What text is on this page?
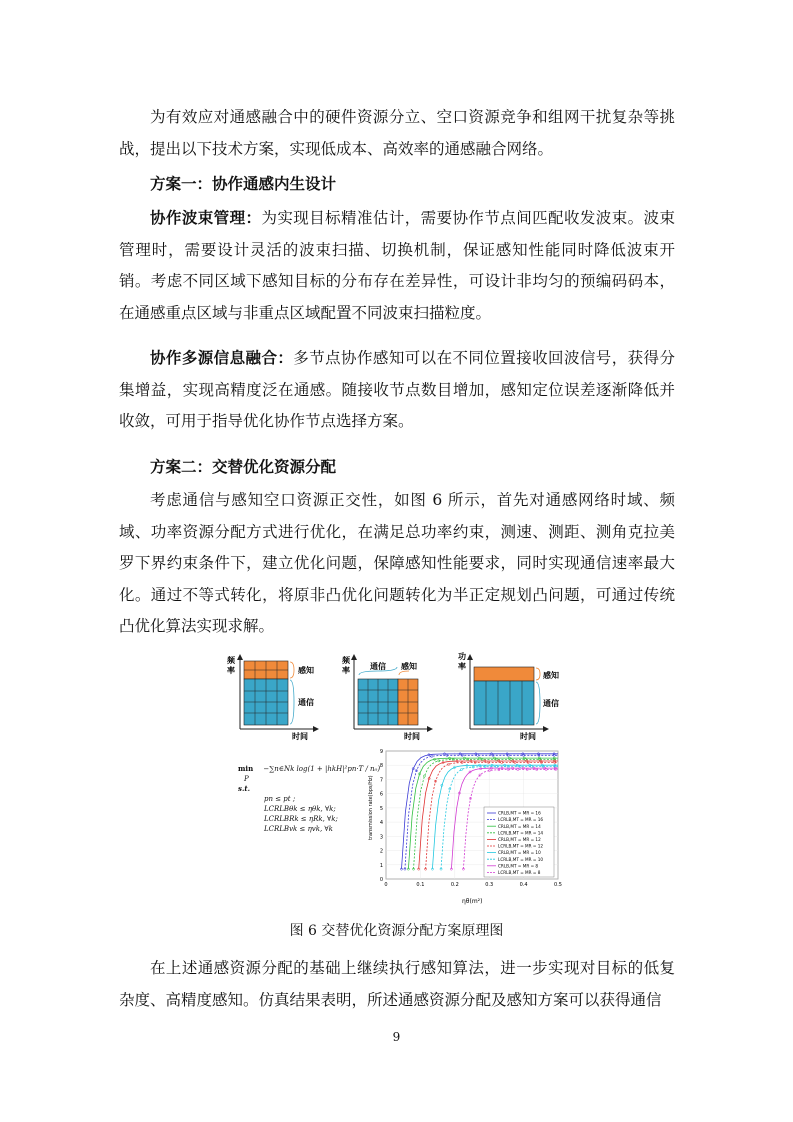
为有效应对通感融合中的硬件资源分立、空口资源竞争和组网干扰复杂等挑战，提出以下技术方案，实现低成本、高效率的通感融合网络。

方案一：协作通感内生设计

协作波束管理：为实现目标精准估计，需要协作节点间匹配收发波束。波束管理时，需要设计灵活的波束扫描、切换机制，保证感知性能同时降低波束开销。考虑不同区域下感知目标的分布存在差异性，可设计非均匀的预编码码本，在通感重点区域与非重点区域配置不同波束扫描粒度。

协作多源信息融合：多节点协作感知可以在不同位置接收回波信号，获得分集增益，实现高精度泛在通感。随接收节点数目增加，感知定位误差逐渐降低并收敛，可用于指导优化协作节点选择方案。

方案二：交替优化资源分配

考虑通信与感知空口资源正交性，如图 6 所示，首先对通感网络时域、频域、功率资源分配方式进行优化，在满足总功率约束，测速、测距、测角克拉美罗下界约束条件下，建立优化问题，保障感知性能要求，同时实现通信速率最大化。通过不等式转化，将原非凸优化问题转化为半正定规划凸问题，可通过传统凸优化算法实现求解。

频
率
时间
感知
通信
频
率
时间
通信 感知
功
率
时间
感知
通信
min −∑n∈Nk log(1 + |hkH|²pn·T / n₀)
P
s.t.
pn ≤ pt ;
LCRLBθk ≤ ηθk, ∀k;
LCRLBRk ≤ ηRk, ∀k;
LCRLBvk ≤ ηvk, ∀k
0
1
2
3
4
5
6
7
8
9
0	0.1	0.2	0.3	0.4	0.5
transmission rate(bps/Hz)
ηθ(m²)
CRLB,MT = MR = 16
LCRLB,MT = MR = 16
CRLB,MT = MR = 14
LCRLB,MT = MR = 14
CRLB,MT = MR = 12
LCRLB,MT = MR = 12
CRLB,MT = MR = 10
LCRLB,MT = MR = 10
CRLB,MT = MR = 8
LCRLB,MT = MR = 8
图 6 交替优化资源分配方案原理图

在上述通感资源分配的基础上继续执行感知算法，进一步实现对目标的低复杂度、高精度感知。仿真结果表明，所述通感资源分配及感知方案可以获得通信

9
